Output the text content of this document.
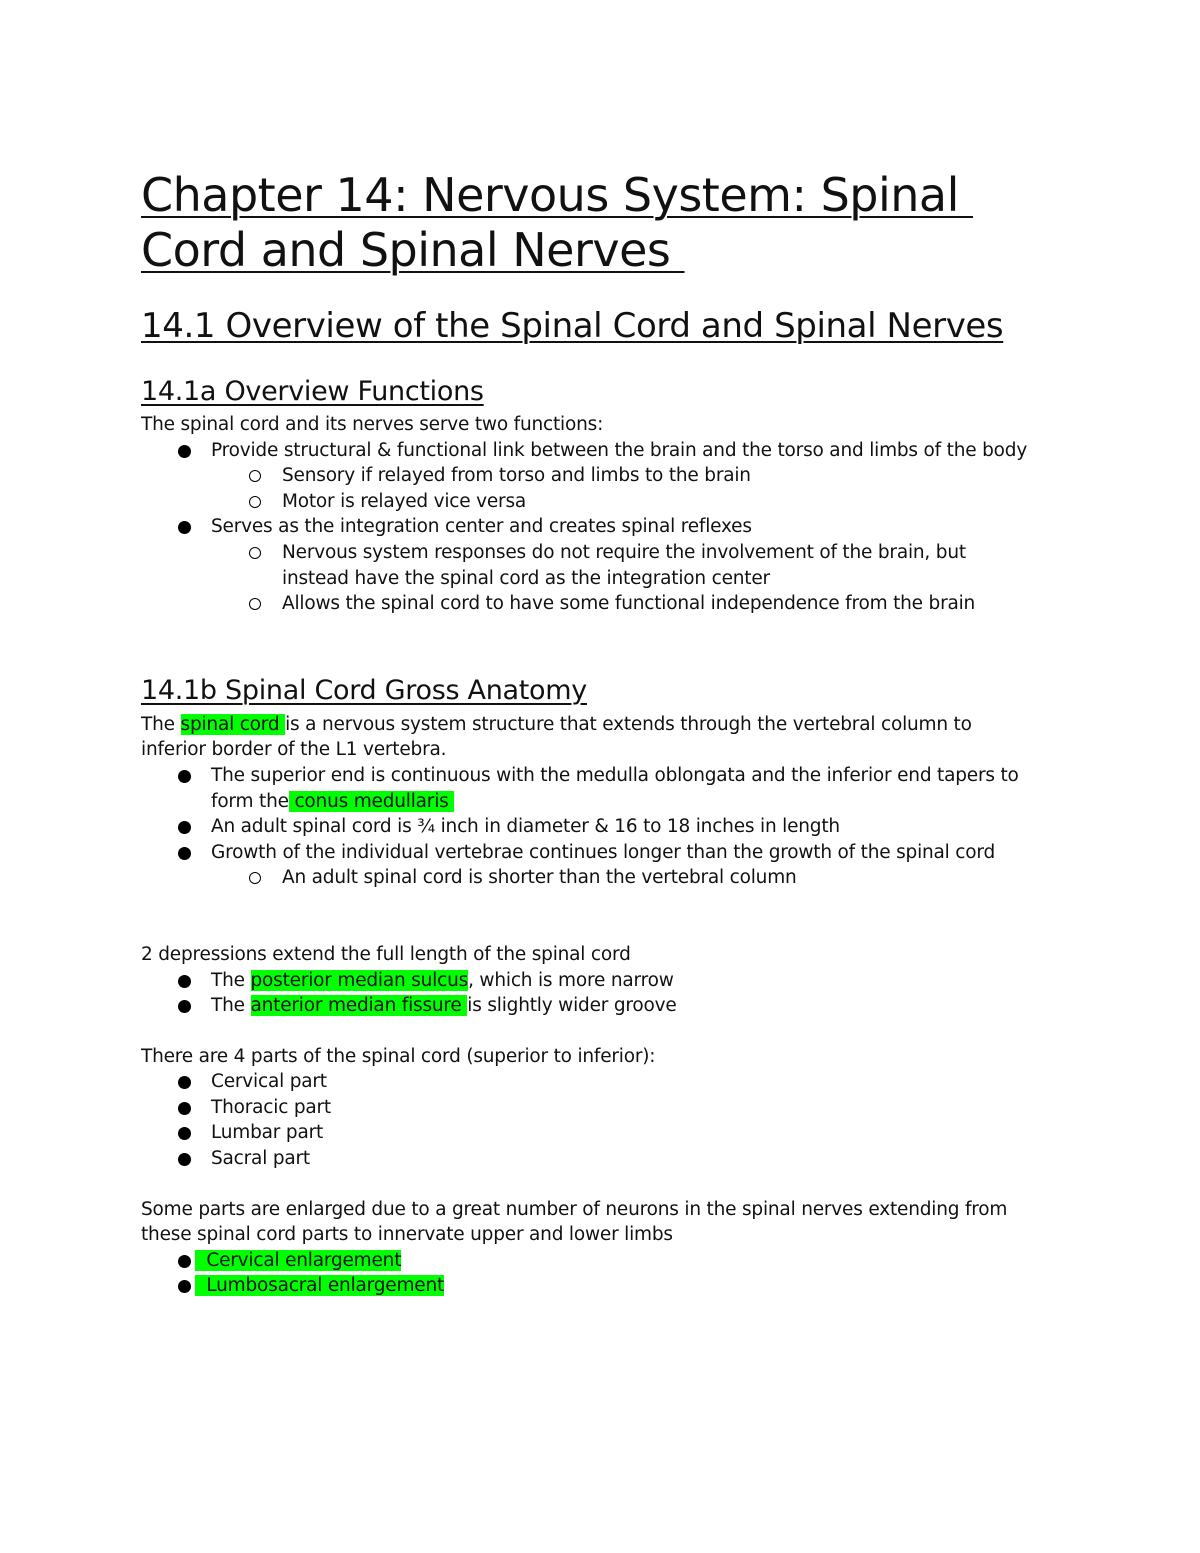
Chapter 14: Nervous System: Spinal
Cord and Spinal Nerves
14.1 Overview of the Spinal Cord and Spinal Nerves
14.1a Overview Functions

The spinal cord and its nerves serve two functions:

Provide structural & functional link between the brain and the torso and limbs of the body
Sensory if relayed from torso and limbs to the brain
Motor is relayed vice versa
Serves as the integration center and creates spinal reflexes
Nervous system responses do not require the involvement of the brain, but
instead have the spinal cord as the integration center
Allows the spinal cord to have some functional independence from the brain
14.1b Spinal Cord Gross Anatomy

The spinal cord is a nervous system structure that extends through the vertebral column to
inferior border of the L1 vertebra.

The superior end is continuous with the medulla oblongata and the inferior end tapers to
form the conus medullaris
An adult spinal cord is ¾ inch in diameter & 16 to 18 inches in length
Growth of the individual vertebrae continues longer than the growth of the spinal cord
An adult spinal cord is shorter than the vertebral column

2 depressions extend the full length of the spinal cord

The posterior median sulcus, which is more narrow
The anterior median fissure is slightly wider groove

There are 4 parts of the spinal cord (superior to inferior):

Cervical part
Thoracic part
Lumbar part
Sacral part

Some parts are enlarged due to a great number of neurons in the spinal nerves extending from
these spinal cord parts to innervate upper and lower limbs

Cervical enlargement
Lumbosacral enlargement
